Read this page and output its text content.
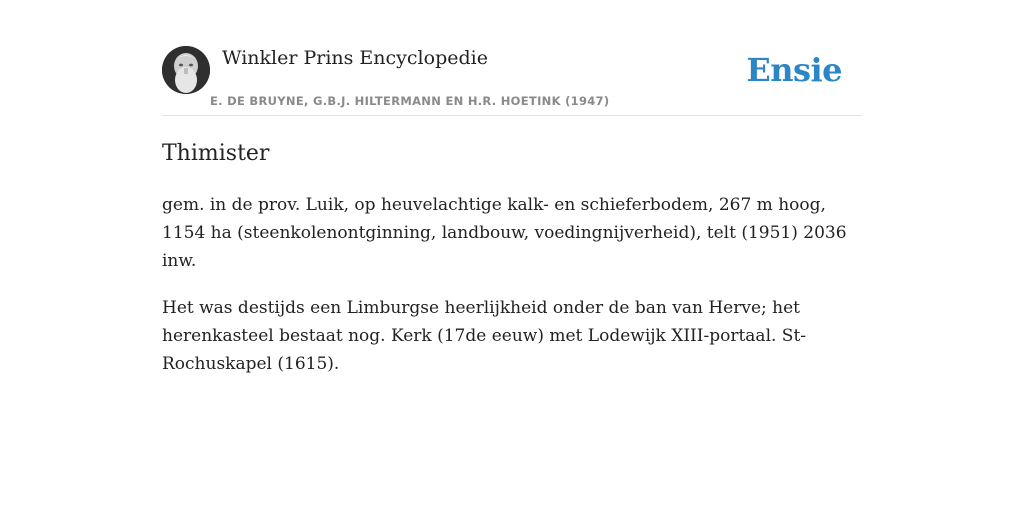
Winkler Prins Encyclopedie
E. DE BRUYNE, G.B.J. HILTERMANN EN H.R. HOETINK (1947)
Ensie
Thimister

gem. in de prov. Luik, op heuvelachtige kalk- en schieferbodem, 267 m hoog, 1154 ha (steenkolenontginning, landbouw, voedingnijverheid), telt (1951) 2036 inw.

Het was destijds een Limburgse heerlijkheid onder de ban van Herve; het herenkasteel bestaat nog. Kerk (17de eeuw) met Lodewijk XIII-portaal. St-Rochuskapel (1615).
